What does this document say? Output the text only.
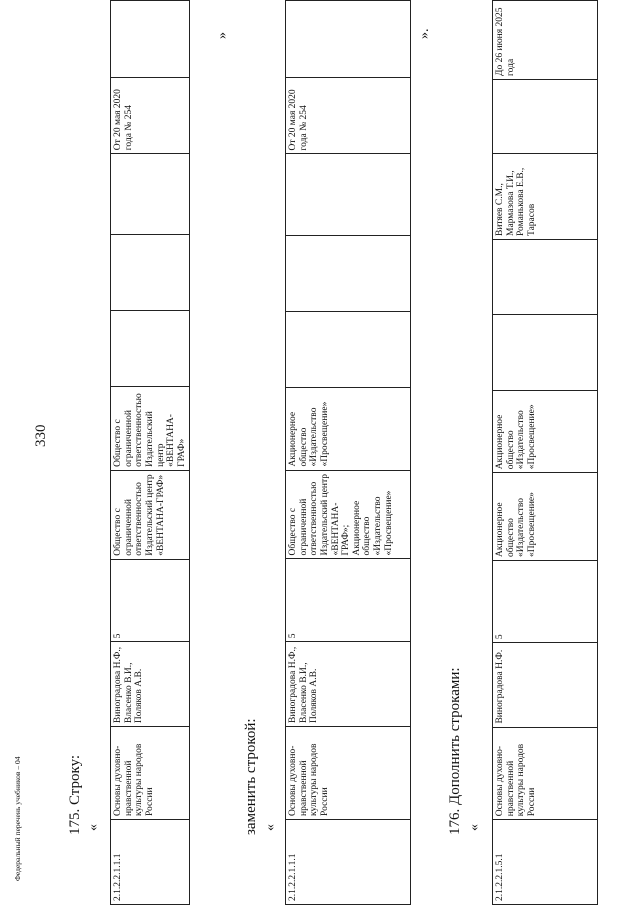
330
175. Строку: «
2.1.2.2.1.1.1	Основы духовно-нравственной культуры народов России	Виноградова Н.Ф., Власенко В.И., Поляков А.В.	5	Общество с ограниченной ответственностью Издательский центр «ВЕНТАНА-ГРАФ»	Общество с ограниченной ответственностью Издательский центр «ВЕНТАНА-ГРАФ»				От 20 мая 2020 года № 254	
»
заменить строкой: «
2.1.2.2.1.1.1	Основы духовно-нравственной культуры народов России	Виноградова Н.Ф., Власенко В.И., Поляков А.В.	5	Общество с ограниченной ответственностью Издательский центр «ВЕНТАНА-ГРАФ»; Акционерное общество «Издательство «Просвещение»	Акционерное общество «Издательство «Просвещение»				От 20 мая 2020 года № 254	
».
176. Дополнить строками: «
2.1.2.2.1.5.1	Основы духовно-нравственной культуры народов России	Виноградова Н.Ф.	5	Акционерное общество «Издательство «Просвещение»	Акционерное общество «Издательство «Просвещение»			Витяев С.М., Мармазова Т.И., Романькова Е.В., Тарасов		До 26 июня 2025 года
Федеральный перечень учебников – 04
